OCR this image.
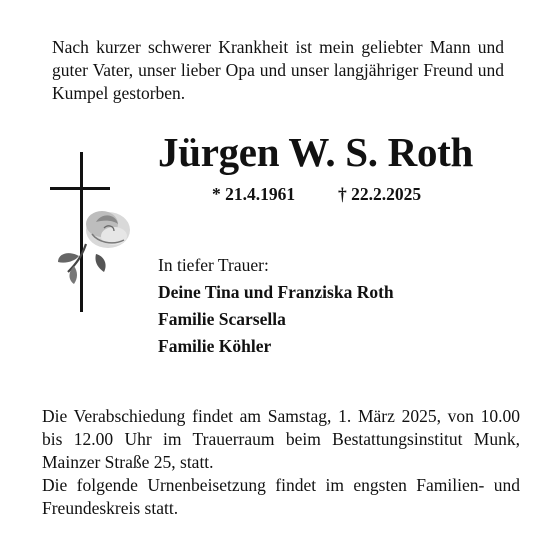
Nach kurzer schwerer Krankheit ist mein geliebter Mann und guter Vater, unser lieber Opa und unser langjähriger Freund und Kumpel gestorben.
Jürgen W. S. Roth
* 21.4.1961 † 22.2.2025
In tiefer Trauer:
Deine Tina und Franziska Roth
Familie Scarsella
Familie Köhler

Die Verabschiedung findet am Samstag, 1. März 2025, von 10.00 bis 12.00 Uhr im Trauerraum beim Bestattungsinstitut Munk, Mainzer Straße 25, statt.

Die folgende Urnenbeisetzung findet im engsten Familien- und Freundeskreis statt.
